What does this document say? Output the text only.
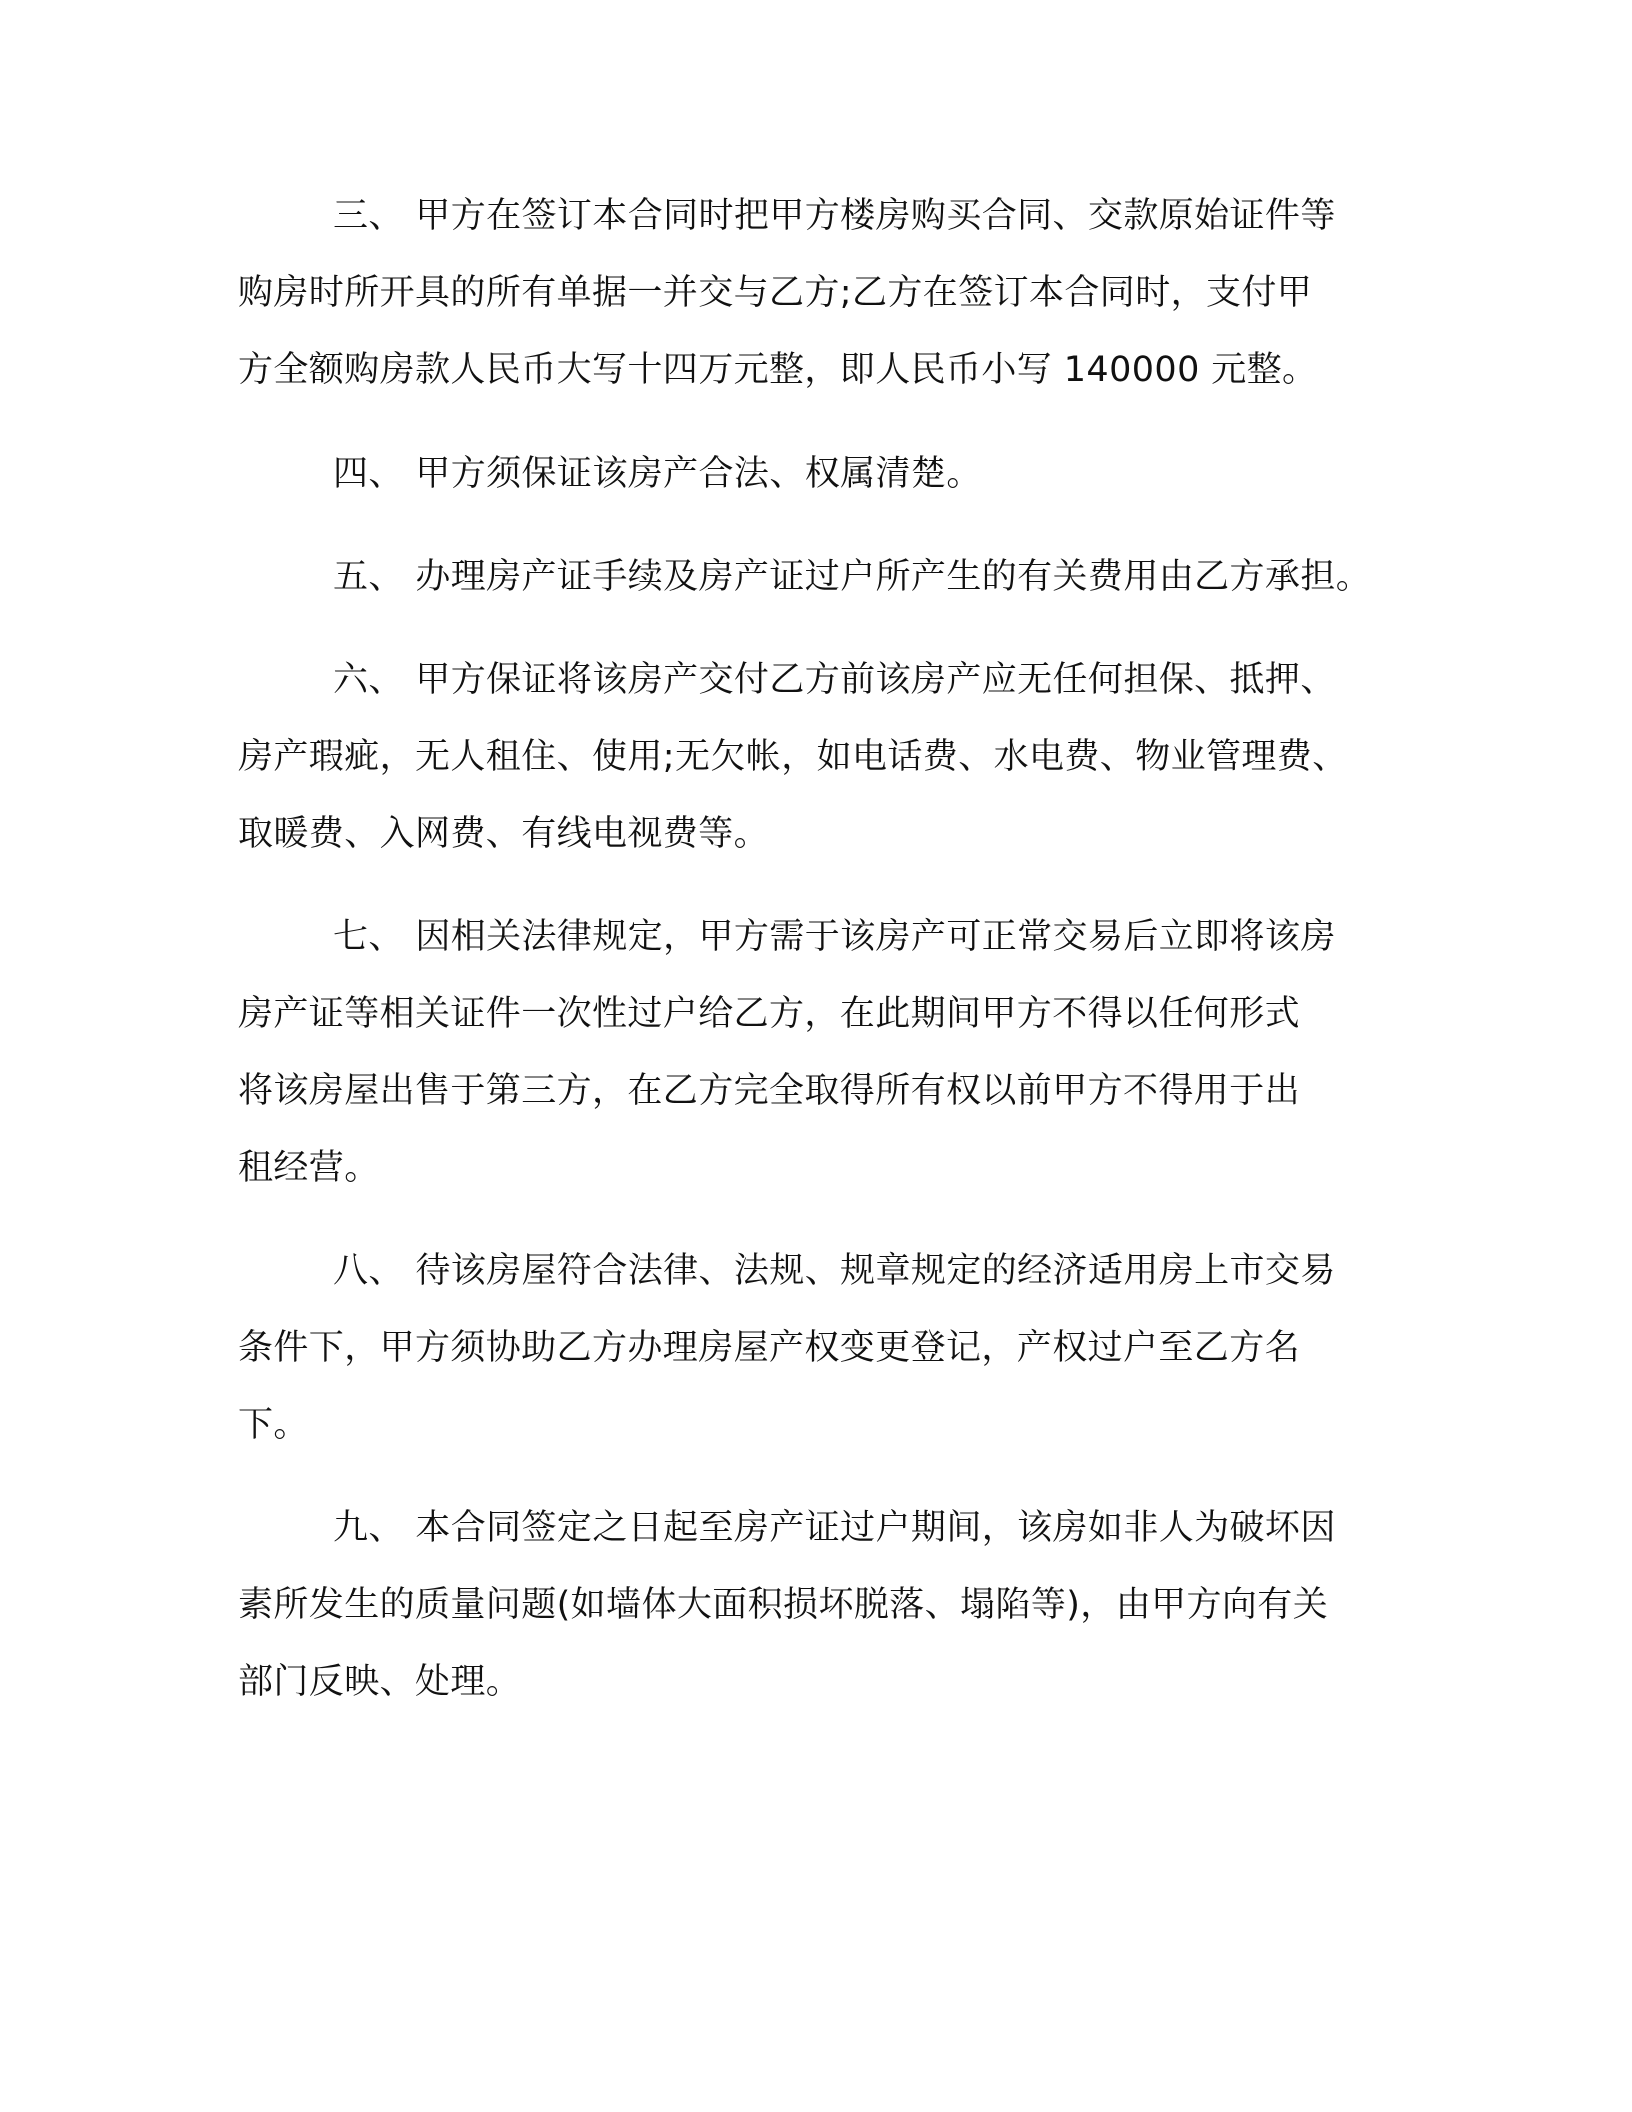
三、 甲方在签订本合同时把甲方楼房购买合同、交款原始证件等

购房时所开具的所有单据一并交与乙方;乙方在签订本合同时，支付甲

方全额购房款人民币大写十四万元整，即人民币小写 140000 元整。

四、 甲方须保证该房产合法、权属清楚。

五、 办理房产证手续及房产证过户所产生的有关费用由乙方承担。

六、 甲方保证将该房产交付乙方前该房产应无任何担保、抵押、

房产瑕疵，无人租住、使用;无欠帐，如电话费、水电费、物业管理费、

取暖费、入网费、有线电视费等。

七、 因相关法律规定，甲方需于该房产可正常交易后立即将该房

房产证等相关证件一次性过户给乙方，在此期间甲方不得以任何形式

将该房屋出售于第三方，在乙方完全取得所有权以前甲方不得用于出

租经营。

八、 待该房屋符合法律、法规、规章规定的经济适用房上市交易

条件下，甲方须协助乙方办理房屋产权变更登记，产权过户至乙方名

下。

九、 本合同签定之日起至房产证过户期间，该房如非人为破坏因

素所发生的质量问题(如墙体大面积损坏脱落、塌陷等)，由甲方向有关

部门反映、处理。
